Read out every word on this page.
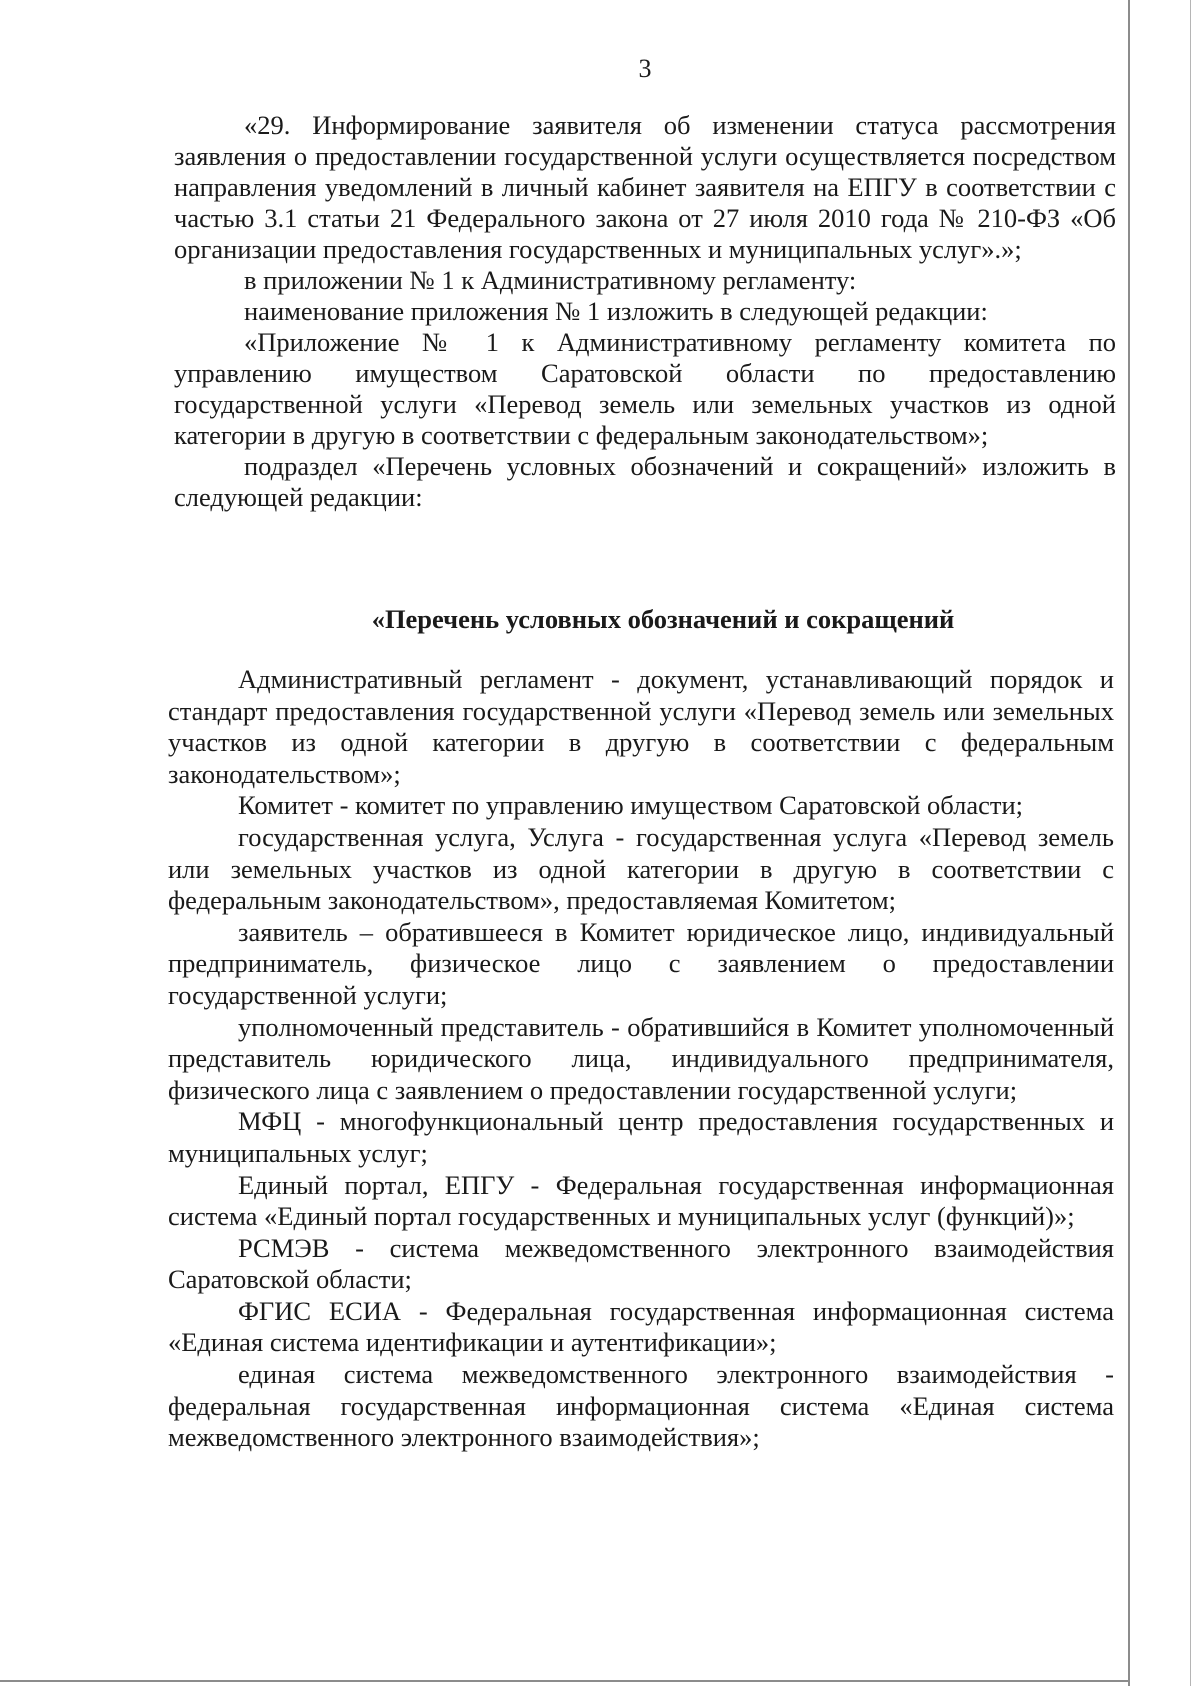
3

«29. Информирование заявителя об изменении статуса рассмотрения заявления о предоставлении государственной услуги осуществляется посредством направления уведомлений в личный кабинет заявителя на ЕПГУ в соответствии с частью 3.1 статьи 21 Федерального закона от 27 июля 2010 года № 210-ФЗ «Об организации предоставления государственных и муниципальных услуг».»;

в приложении № 1 к Административному регламенту:

наименование приложения № 1 изложить в следующей редакции:

«Приложение № 1 к Административному регламенту комитета по управлению имуществом Саратовской области по предоставлению государственной услуги «Перевод земель или земельных участков из одной категории в другую в соответствии с федеральным законодательством»;

подраздел «Перечень условных обозначений и сокращений» изложить в следующей редакции:

«Перечень условных обозначений и сокращений

Административный регламент - документ, устанавливающий порядок и стандарт предоставления государственной услуги «Перевод земель или земельных участков из одной категории в другую в соответствии с федеральным законодательством»;

Комитет - комитет по управлению имуществом Саратовской области;

государственная услуга, Услуга - государственная услуга «Перевод земель или земельных участков из одной категории в другую в соответствии с федеральным законодательством», предоставляемая Комитетом;

заявитель – обратившееся в Комитет юридическое лицо, индивидуальный предприниматель, физическое лицо с заявлением о предоставлении государственной услуги;

уполномоченный представитель - обратившийся в Комитет уполномоченный представитель юридического лица, индивидуального предпринимателя, физического лица с заявлением о предоставлении государственной услуги;

МФЦ - многофункциональный центр предоставления государственных и муниципальных услуг;

Единый портал, ЕПГУ - Федеральная государственная информационная система «Единый портал государственных и муниципальных услуг (функций)»;

РСМЭВ - система межведомственного электронного взаимодействия Саратовской области;

ФГИС ЕСИА - Федеральная государственная информационная система «Единая система идентификации и аутентификации»;

единая система межведомственного электронного взаимодействия - федеральная государственная информационная система «Единая система межведомственного электронного взаимодействия»;
